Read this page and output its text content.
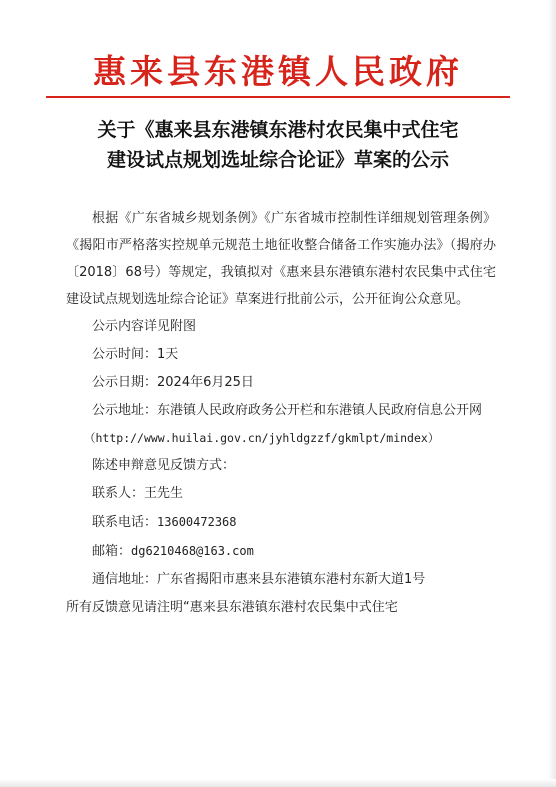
惠来县东港镇人民政府
关于《惠来县东港镇东港村农民集中式住宅
建设试点规划选址综合论证》草案的公示

根据《广东省城乡规划条例》《广东省城市控制性详细规划管理条例》《揭阳市严格落实控规单元规范土地征收整合储备工作实施办法》（揭府办〔2018〕68号）等规定，我镇拟对《惠来县东港镇东港村农民集中式住宅建设试点规划选址综合论证》草案进行批前公示，公开征询公众意见。

公示内容详见附图

公示时间：1天

公示日期：2024年6月25日

公示地址：东港镇人民政府政务公开栏和东港镇人民政府信息公开网

（http://www.huilai.gov.cn/jyhldgzzf/gkmlpt/mindex）

陈述申辩意见反馈方式：

联系人：王先生

联系电话：13600472368

邮箱：dg6210468@163.com

通信地址：广东省揭阳市惠来县东港镇东港村东新大道1号

所有反馈意见请注明“惠来县东港镇东港村农民集中式住宅
